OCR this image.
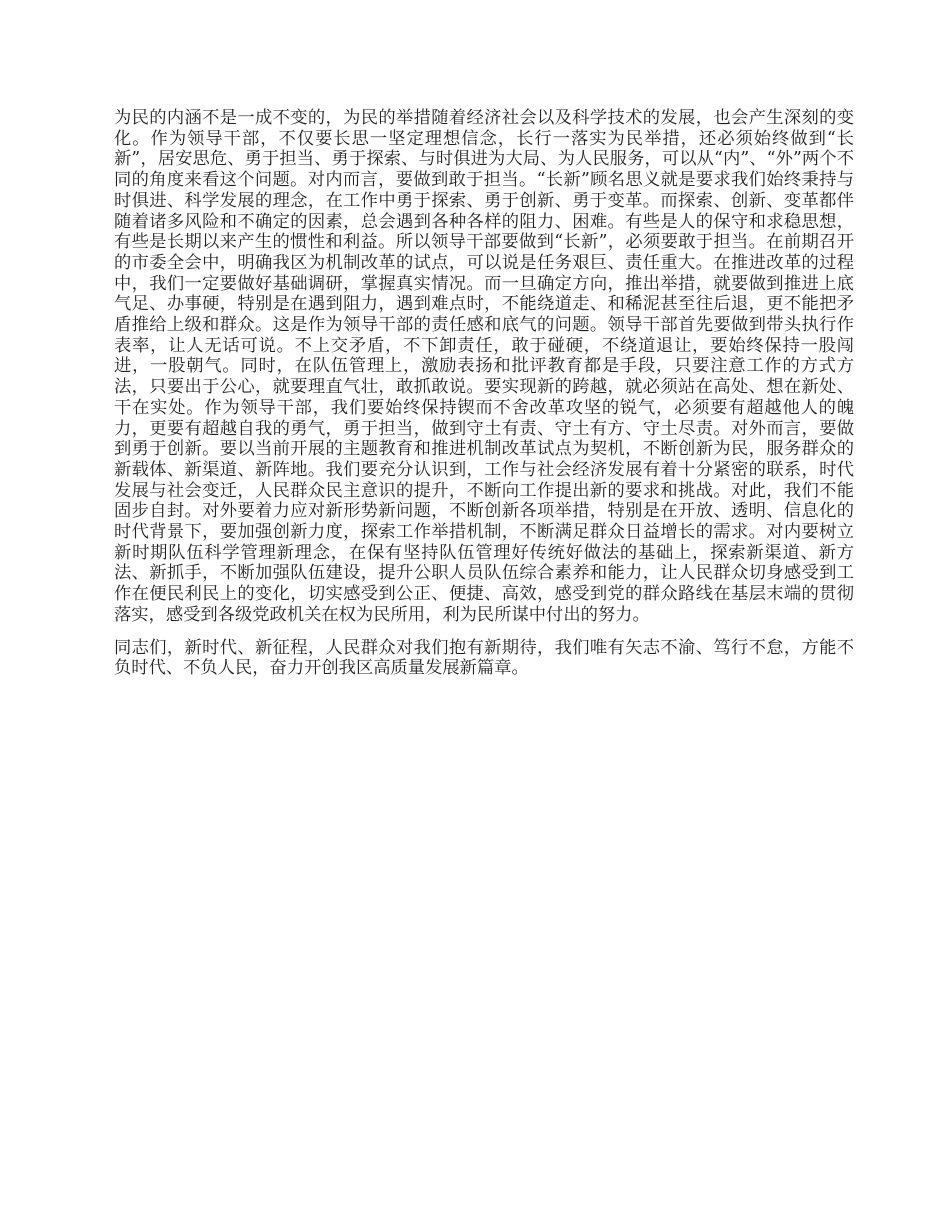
为民的内涵不是一成不变的，为民的举措随着经济社会以及科学技术的发展，也会产生深刻的变化。作为领导干部，不仅要长思一坚定理想信念，长行一落实为民举措，还必须始终做到“长新”，居安思危、勇于担当、勇于探索、与时俱进为大局、为人民服务，可以从“内”、“外”两个不同的角度来看这个问题。对内而言，要做到敢于担当。“长新”顾名思义就是要求我们始终秉持与时俱进、科学发展的理念，在工作中勇于探索、勇于创新、勇于变革。而探索、创新、变革都伴随着诸多风险和不确定的因素，总会遇到各种各样的阻力、困难。有些是人的保守和求稳思想，有些是长期以来产生的惯性和利益。所以领导干部要做到“长新”，必须要敢于担当。在前期召开的市委全会中，明确我区为机制改革的试点，可以说是任务艰巨、责任重大。在推进改革的过程中，我们一定要做好基础调研，掌握真实情况。而一旦确定方向，推出举措，就要做到推进上底气足、办事硬，特别是在遇到阻力，遇到难点时，不能绕道走、和稀泥甚至往后退，更不能把矛盾推给上级和群众。这是作为领导干部的责任感和底气的问题。领导干部首先要做到带头执行作表率，让人无话可说。不上交矛盾，不下卸责任，敢于碰硬，不绕道退让，要始终保持一股闯进，一股朝气。同时，在队伍管理上，激励表扬和批评教育都是手段，只要注意工作的方式方法，只要出于公心，就要理直气壮，敢抓敢说。要实现新的跨越，就必须站在高处、想在新处、干在实处。作为领导干部，我们要始终保持锲而不舍改革攻坚的锐气，必须要有超越他人的魄力，更要有超越自我的勇气，勇于担当，做到守土有责、守土有方、守土尽责。对外而言，要做到勇于创新。要以当前开展的主题教育和推进机制改革试点为契机，不断创新为民，服务群众的新载体、新渠道、新阵地。我们要充分认识到，工作与社会经济发展有着十分紧密的联系，时代发展与社会变迁，人民群众民主意识的提升，不断向工作提出新的要求和挑战。对此，我们不能固步自封。对外要着力应对新形势新问题，不断创新各项举措，特别是在开放、透明、信息化的时代背景下，要加强创新力度，探索工作举措机制，不断满足群众日益增长的需求。对内要树立新时期队伍科学管理新理念，在保有坚持队伍管理好传统好做法的基础上，探索新渠道、新方法、新抓手，不断加强队伍建设，提升公职人员队伍综合素养和能力，让人民群众切身感受到工作在便民利民上的变化，切实感受到公正、便捷、高效，感受到党的群众路线在基层末端的贯彻落实，感受到各级党政机关在权为民所用，利为民所谋中付出的努力。

同志们，新时代、新征程，人民群众对我们抱有新期待，我们唯有矢志不渝、笃行不怠，方能不负时代、不负人民，奋力开创我区高质量发展新篇章。
